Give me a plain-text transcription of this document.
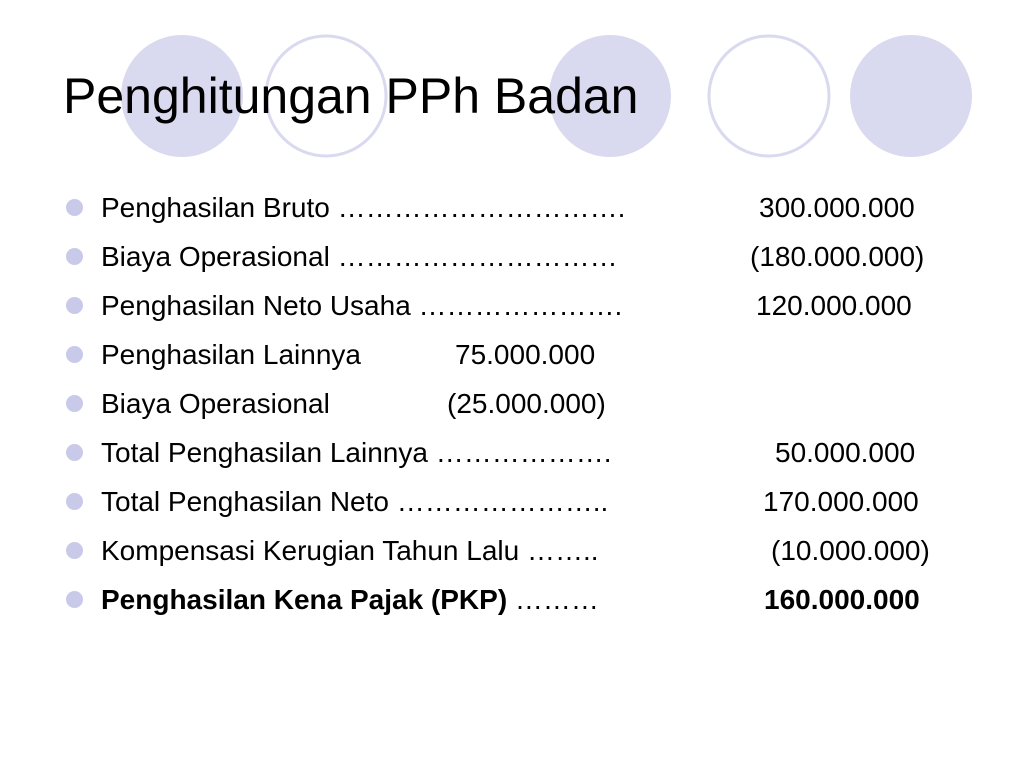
Penghitungan PPh Badan
Penghasilan Bruto ………………………….	300.000.000
Biaya Operasional …………………………	(180.000.000)
Penghasilan Neto Usaha ………………….	120.000.000
Penghasilan Lainnya	75.000.000
Biaya Operasional	(25.000.000)
Total Penghasilan Lainnya ……………….	50.000.000
Total Penghasilan Neto …………………..	170.000.000
Kompensasi Kerugian Tahun Lalu ……..	(10.000.000)
Penghasilan Kena Pajak (PKP) ………	160.000.000
